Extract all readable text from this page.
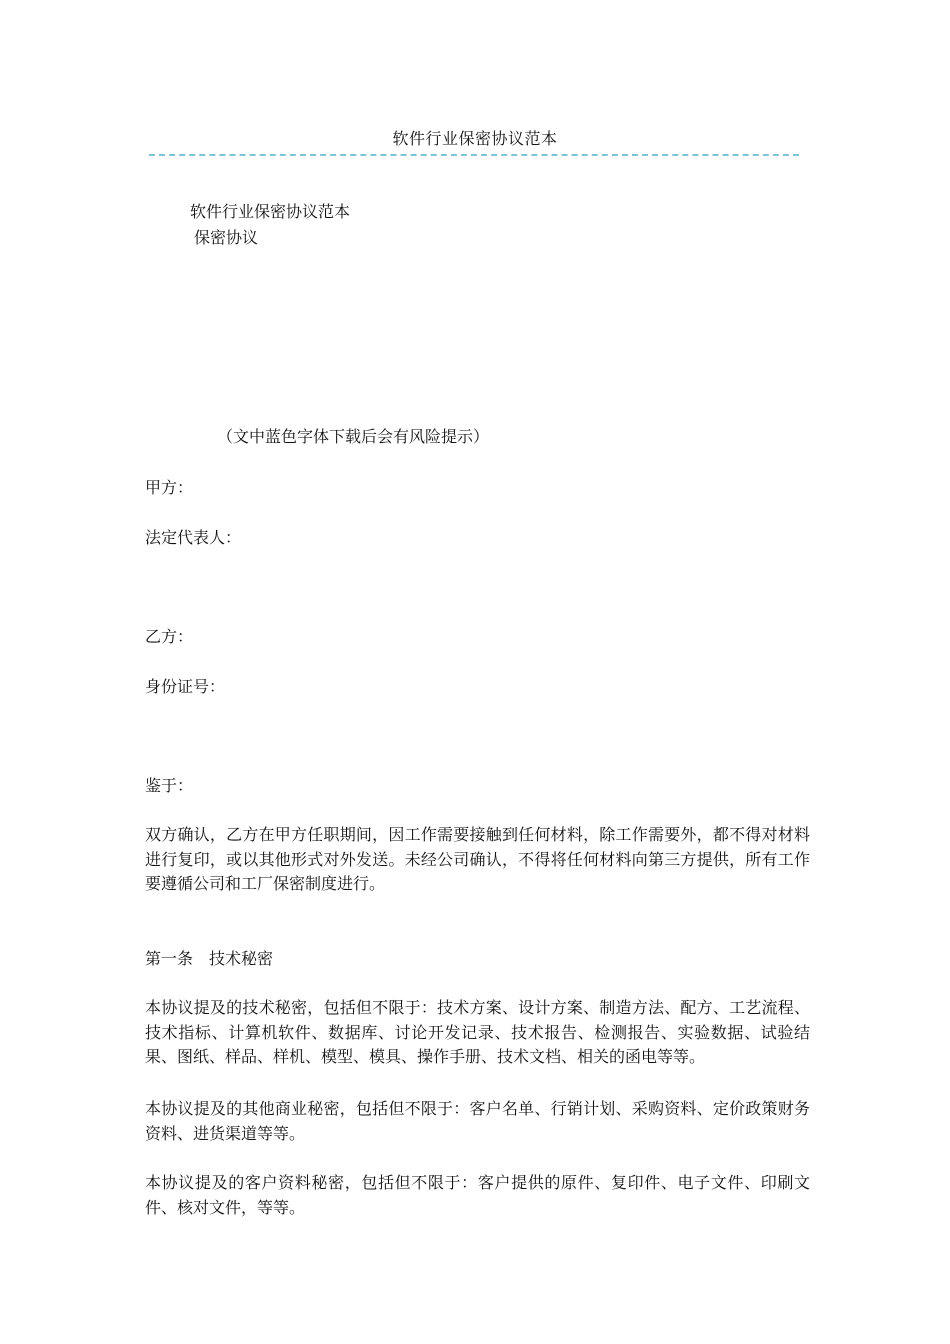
软件行业保密协议范本
软件行业保密协议范本
保密协议
（文中蓝色字体下载后会有风险提示）
甲方：
法定代表人：
乙方：
身份证号：
鉴于：
双方确认，乙方在甲方任职期间，因工作需要接触到任何材料，除工作需要外，都不得对材料进行复印，或以其他形式对外发送。未经公司确认，不得将任何材料向第三方提供，所有工作要遵循公司和工厂保密制度进行。
第一条　技术秘密
本协议提及的技术秘密，包括但不限于：技术方案、设计方案、制造方法、配方、工艺流程、技术指标、计算机软件、数据库、讨论开发记录、技术报告、检测报告、实验数据、试验结果、图纸、样品、样机、模型、模具、操作手册、技术文档、相关的函电等等。
本协议提及的其他商业秘密，包括但不限于：客户名单、行销计划、采购资料、定价政策财务资料、进货渠道等等。
本协议提及的客户资料秘密，包括但不限于：客户提供的原件、复印件、电子文件、印刷文件、核对文件，等等。
